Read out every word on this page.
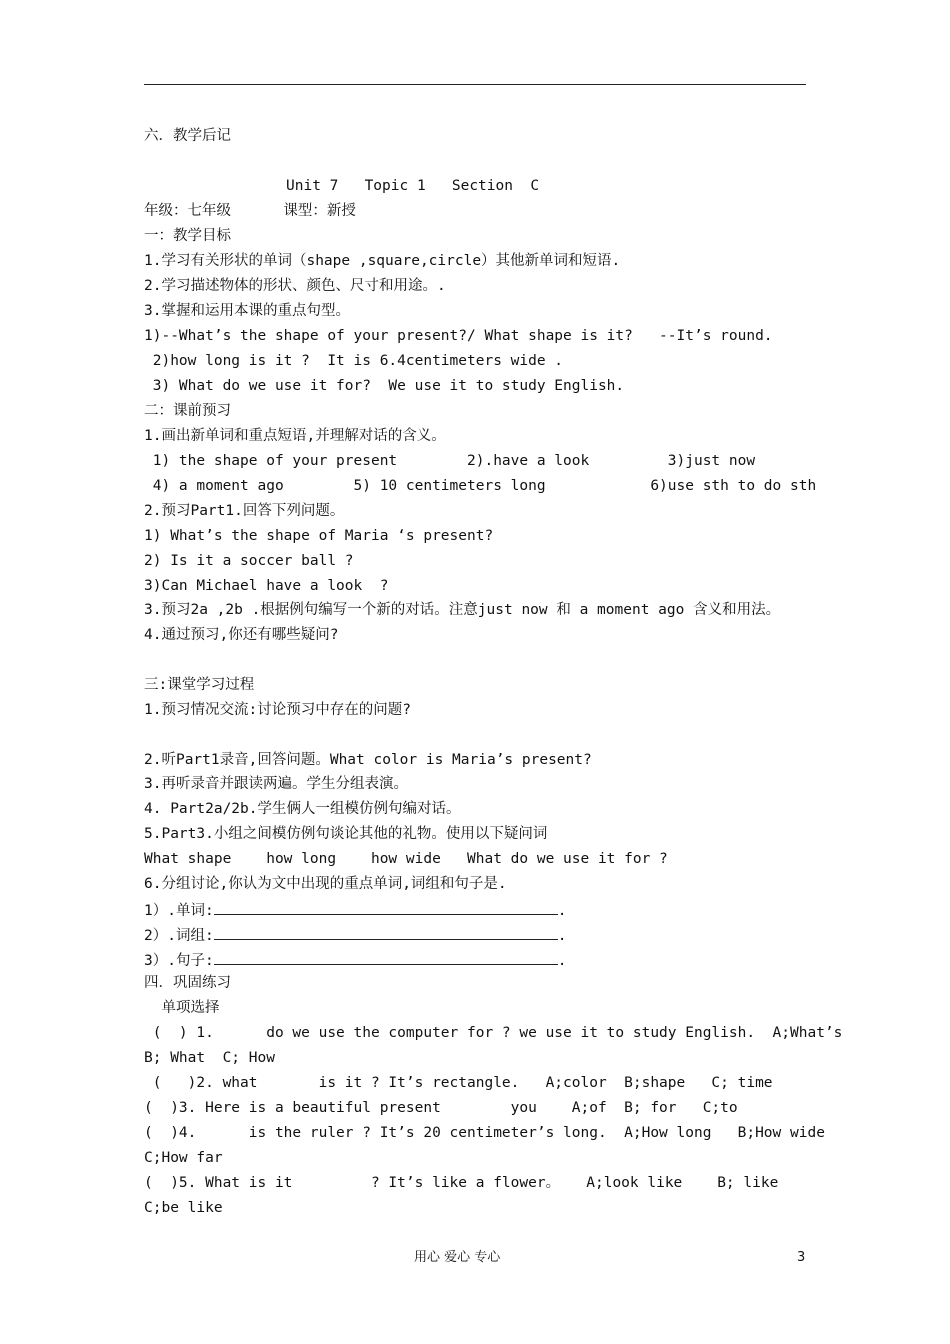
六．教学后记
Unit 7   Topic 1   Section  C
年级：七年级      课型：新授
一：教学目标
1.学习有关形状的单词（shape ,square,circle）其他新单词和短语.
2.学习描述物体的形状、颜色、尺寸和用途。.
3.掌握和运用本课的重点句型。
1)--What’s the shape of your present?/ What shape is it?   --It’s round.
2)how long is it ?  It is 6.4centimeters wide .
3) What do we use it for?  We use it to study English.
二：课前预习
1.画出新单词和重点短语,并理解对话的含义。
1) the shape of your present        2).have a look         3)just now
4) a moment ago        5) 10 centimeters long            6)use sth to do sth
2.预习Part1.回答下列问题。
1) What’s the shape of Maria ‘s present?
2) Is it a soccer ball ?
3)Can Michael have a look  ?
3.预习2a ,2b .根据例句编写一个新的对话。注意just now 和 a moment ago 含义和用法。
4.通过预习,你还有哪些疑问?
三:课堂学习过程
1.预习情况交流:讨论预习中存在的问题?
2.听Part1录音,回答问题。What color is Maria’s present?
3.再听录音并跟读两遍。学生分组表演。
4. Part2a/2b.学生俩人一组模仿例句编对话。
5.Part3.小组之间模仿例句谈论其他的礼物。使用以下疑问词
What shape    how long    how wide   What do we use it for ?
6.分组讨论,你认为文中出现的重点单词,词组和句子是.
1）.单词:	.
2）.词组:	.
3）.句子:	.
四．巩固练习
单项选择
(  ) 1.      do we use the computer for ? we use it to study English.  A;What’s
B; What  C; How
(   )2. what       is it ? It’s rectangle.   A;color  B;shape   C; time
(  )3. Here is a beautiful present        you    A;of  B; for   C;to
(  )4.      is the ruler ? It’s 20 centimeter’s long.  A;How long   B;How wide
C;How far
(  )5. What is it         ? It’s like a flower。   A;look like    B; like
C;be like
用心 爱心 专心	3
